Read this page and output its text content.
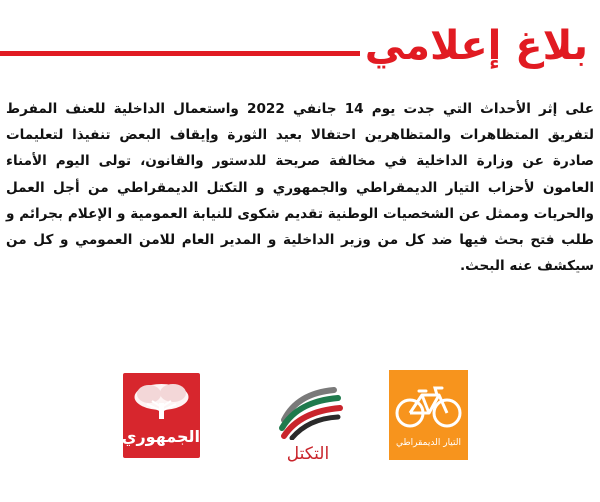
بلاغ إعلامي
على إثر الأحداث التي جدت يوم 14 جانفي 2022 واستعمال الداخلية للعنف المفرط لتفريق المتظاهرات والمتظاهرين احتفالا بعيد الثورة وإيقاف البعض تنفيذا لتعليمات صادرة عن وزارة الداخلية في مخالفة صريحة للدستور والقانون، تولى اليوم الأمناء العامون لأحزاب التيار الديمقراطي والجمهوري و التكتل الديمقراطي من أجل العمل والحريات وممثل عن الشخصيات الوطنية تقديم شكوى للنيابة العمومية و الإعلام بجرائم و طلب فتح بحث فيها ضد كل من وزير الداخلية و المدير العام للامن العمومي و كل من سيكشف عنه البحث.
الجمهوري
التكتل
التيار الديمقراطي
